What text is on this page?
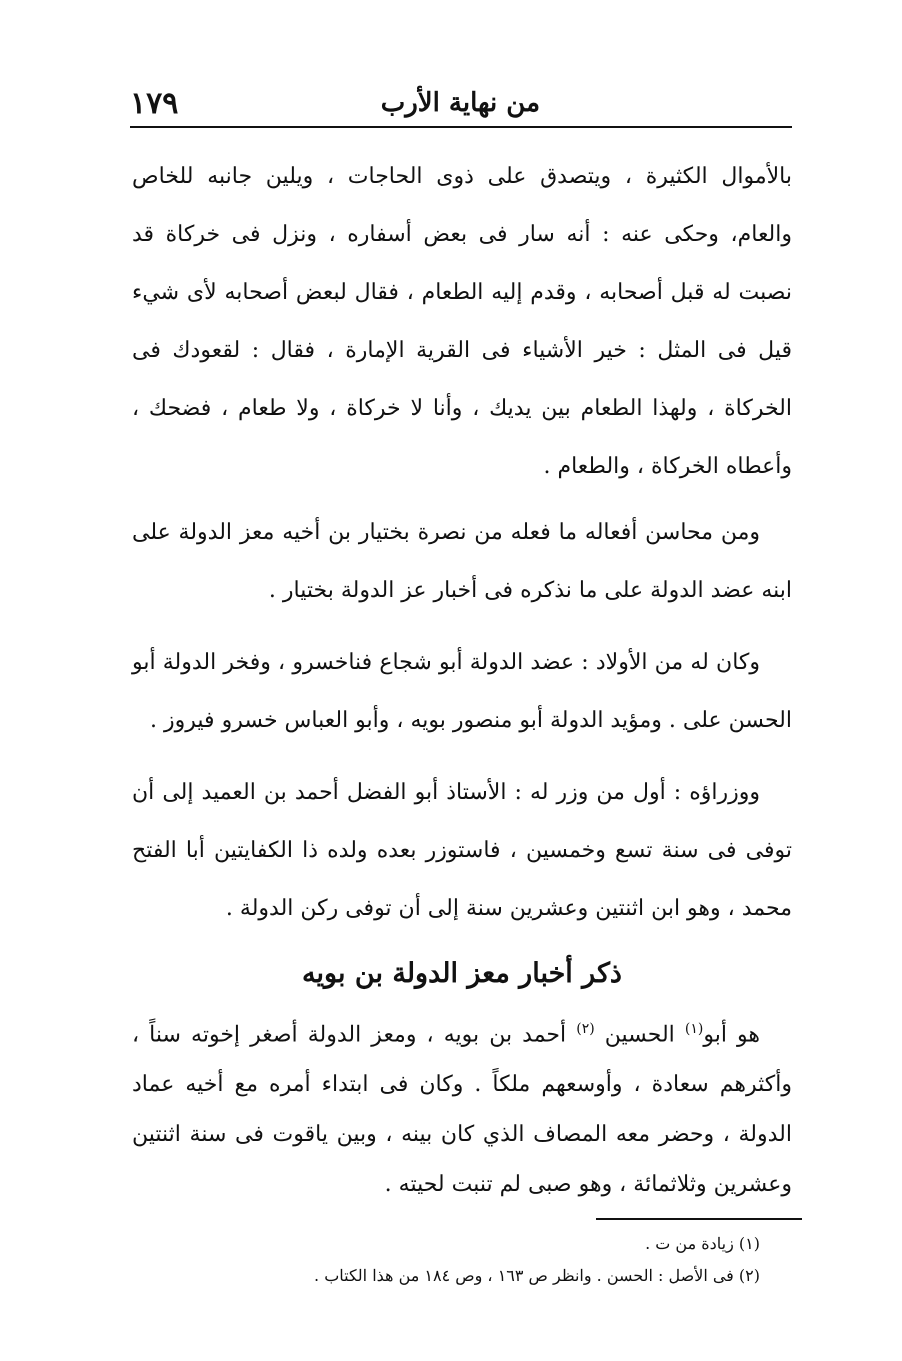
١٧٩	من نهاية الأرب

بالأموال الكثيرة ، ويتصدق على ذوى الحاجات ، ويلين جانبه للخاص والعام، وحكى عنه : أنه سار فى بعض أسفاره ، ونزل فى خركاة قد نصبت له قبل أصحابه ، وقدم إليه الطعام ، فقال لبعض أصحابه لأى شيء قيل فى المثل : خير الأشياء فى القرية الإمارة ، فقال : لقعودك فى الخركاة ، ولهذا الطعام بين يديك ، وأنا لا خركاة ، ولا طعام ، فضحك ، وأعطاه الخركاة ، والطعام .

ومن محاسن أفعاله ما فعله من نصرة بختيار بن أخيه معز الدولة على ابنه عضد الدولة على ما نذكره فى أخبار عز الدولة بختيار .

وكان له من الأولاد : عضد الدولة أبو شجاع فناخسرو ، وفخر الدولة أبو الحسن على . ومؤيد الدولة أبو منصور بويه ، وأبو العباس خسرو فيروز .

ووزراؤه : أول من وزر له : الأستاذ أبو الفضل أحمد بن العميد إلى أن توفى فى سنة تسع وخمسين ، فاستوزر بعده ولده ذا الكفايتين أبا الفتح محمد ، وهو ابن اثنتين وعشرين سنة إلى أن توفى ركن الدولة .

ذكر أخبار معز الدولة بن بويه

هو أبو$^{(١)}$ الحسين $^{(٢)}$ أحمد بن بويه ، ومعز الدولة أصغر إخوته سناً ، وأكثرهم سعادة ، وأوسعهم ملكاً . وكان فى ابتداء أمره مع أخيه عماد الدولة ، وحضر معه المصاف الذي كان بينه ، وبين ياقوت فى سنة اثنتين وعشرين وثلاثمائة ، وهو صبى لم تنبت لحيته .

(١) زيادة من ت .
(٢) فى الأصل : الحسن . وانظر ص ١٦٣ ، وص ١٨٤ من هذا الكتاب .
